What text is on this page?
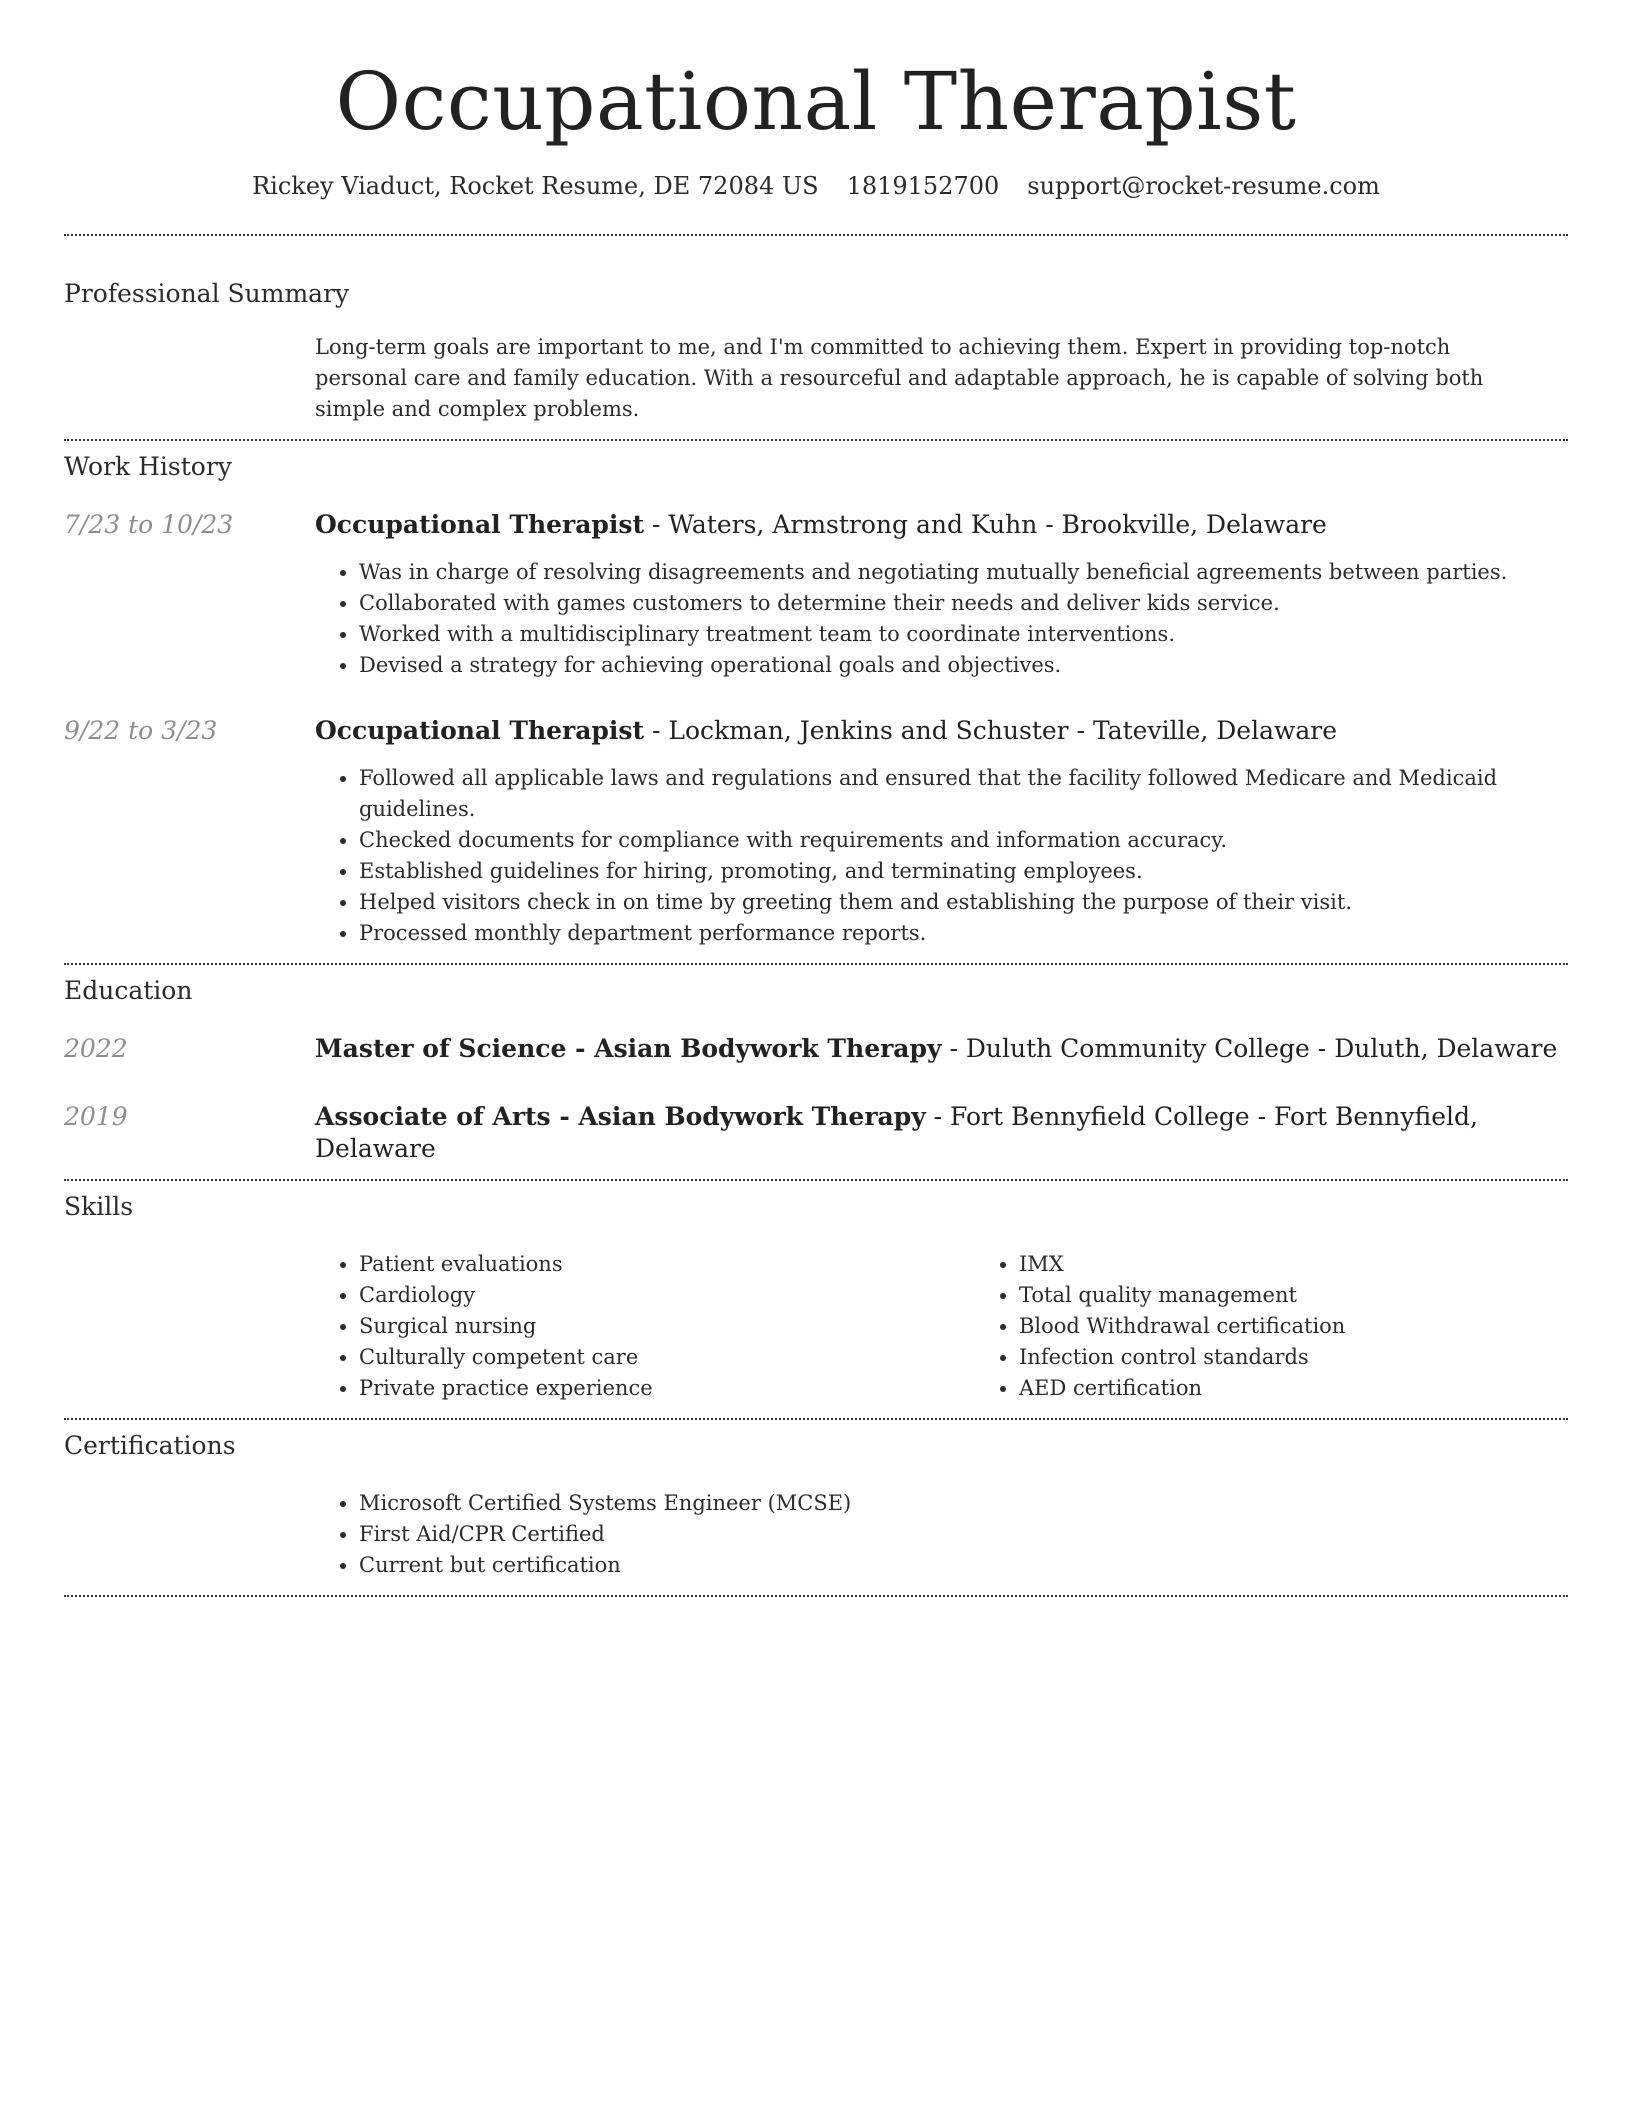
Occupational Therapist
Rickey Viaduct, Rocket Resume, DE 72084 US 1819152700 support@rocket-resume.com
Professional Summary
Long-term goals are important to me, and I'm committed to achieving them. Expert in providing top-notch personal care and family education. With a resourceful and adaptable approach, he is capable of solving both simple and complex problems.
Work History
7/23 to 10/23	Occupational Therapist - Waters, Armstrong and Kuhn - Brookville, Delaware
• Was in charge of resolving disagreements and negotiating mutually beneficial agreements between parties.
• Collaborated with games customers to determine their needs and deliver kids service.
• Worked with a multidisciplinary treatment team to coordinate interventions.
• Devised a strategy for achieving operational goals and objectives.
9/22 to 3/23	Occupational Therapist - Lockman, Jenkins and Schuster - Tateville, Delaware
• Followed all applicable laws and regulations and ensured that the facility followed Medicare and Medicaid guidelines.
• Checked documents for compliance with requirements and information accuracy.
• Established guidelines for hiring, promoting, and terminating employees.
• Helped visitors check in on time by greeting them and establishing the purpose of their visit.
• Processed monthly department performance reports.
Education
2022	Master of Science - Asian Bodywork Therapy - Duluth Community College - Duluth, Delaware
2019	Associate of Arts - Asian Bodywork Therapy - Fort Bennyfield College - Fort Bennyfield, Delaware
Skills
• Patient evaluations
• Cardiology
• Surgical nursing
• Culturally competent care
• Private practice experience
• IMX
• Total quality management
• Blood Withdrawal certification
• Infection control standards
• AED certification
Certifications
• Microsoft Certified Systems Engineer (MCSE)
• First Aid/CPR Certified
• Current but certification
